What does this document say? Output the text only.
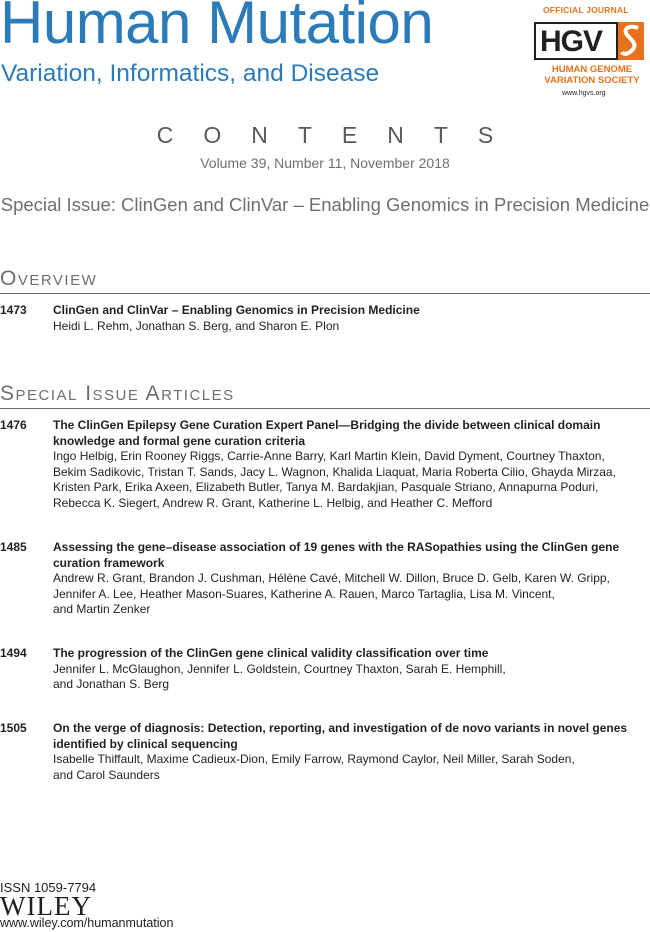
Human Mutation
Variation, Informatics, and Disease
OFFICIAL JOURNAL
HGV
HUMAN GENOME
VARIATION SOCIETY
www.hgvs.org
CONTENTS
Volume 39, Number 11, November 2018
Special Issue: ClinGen and ClinVar – Enabling Genomics in Precision Medicine
Overview
1473 ClinGen and ClinVar – Enabling Genomics in Precision Medicine
Heidi L. Rehm, Jonathan S. Berg, and Sharon E. Plon
Special Issue Articles
1476 The ClinGen Epilepsy Gene Curation Expert Panel—Bridging the divide between clinical domain
knowledge and formal gene curation criteria
Ingo Helbig, Erin Rooney Riggs, Carrie-Anne Barry, Karl Martin Klein, David Dyment, Courtney Thaxton,
Bekim Sadikovic, Tristan T. Sands, Jacy L. Wagnon, Khalida Liaquat, Maria Roberta Cilio, Ghayda Mirzaa,
Kristen Park, Erika Axeen, Elizabeth Butler, Tanya M. Bardakjian, Pasquale Striano, Annapurna Poduri,
Rebecca K. Siegert, Andrew R. Grant, Katherine L. Helbig, and Heather C. Mefford
1485 Assessing the gene–disease association of 19 genes with the RASopathies using the ClinGen gene
curation framework
Andrew R. Grant, Brandon J. Cushman, Hélène Cavé, Mitchell W. Dillon, Bruce D. Gelb, Karen W. Gripp,
Jennifer A. Lee, Heather Mason-Suares, Katherine A. Rauen, Marco Tartaglia, Lisa M. Vincent,
and Martin Zenker
1494 The progression of the ClinGen gene clinical validity classification over time
Jennifer L. McGlaughon, Jennifer L. Goldstein, Courtney Thaxton, Sarah E. Hemphill,
and Jonathan S. Berg
1505 On the verge of diagnosis: Detection, reporting, and investigation of de novo variants in novel genes
identified by clinical sequencing
Isabelle Thiffault, Maxime Cadieux-Dion, Emily Farrow, Raymond Caylor, Neil Miller, Sarah Soden,
and Carol Saunders
ISSN 1059-7794
WILEY
www.wiley.com/humanmutation
